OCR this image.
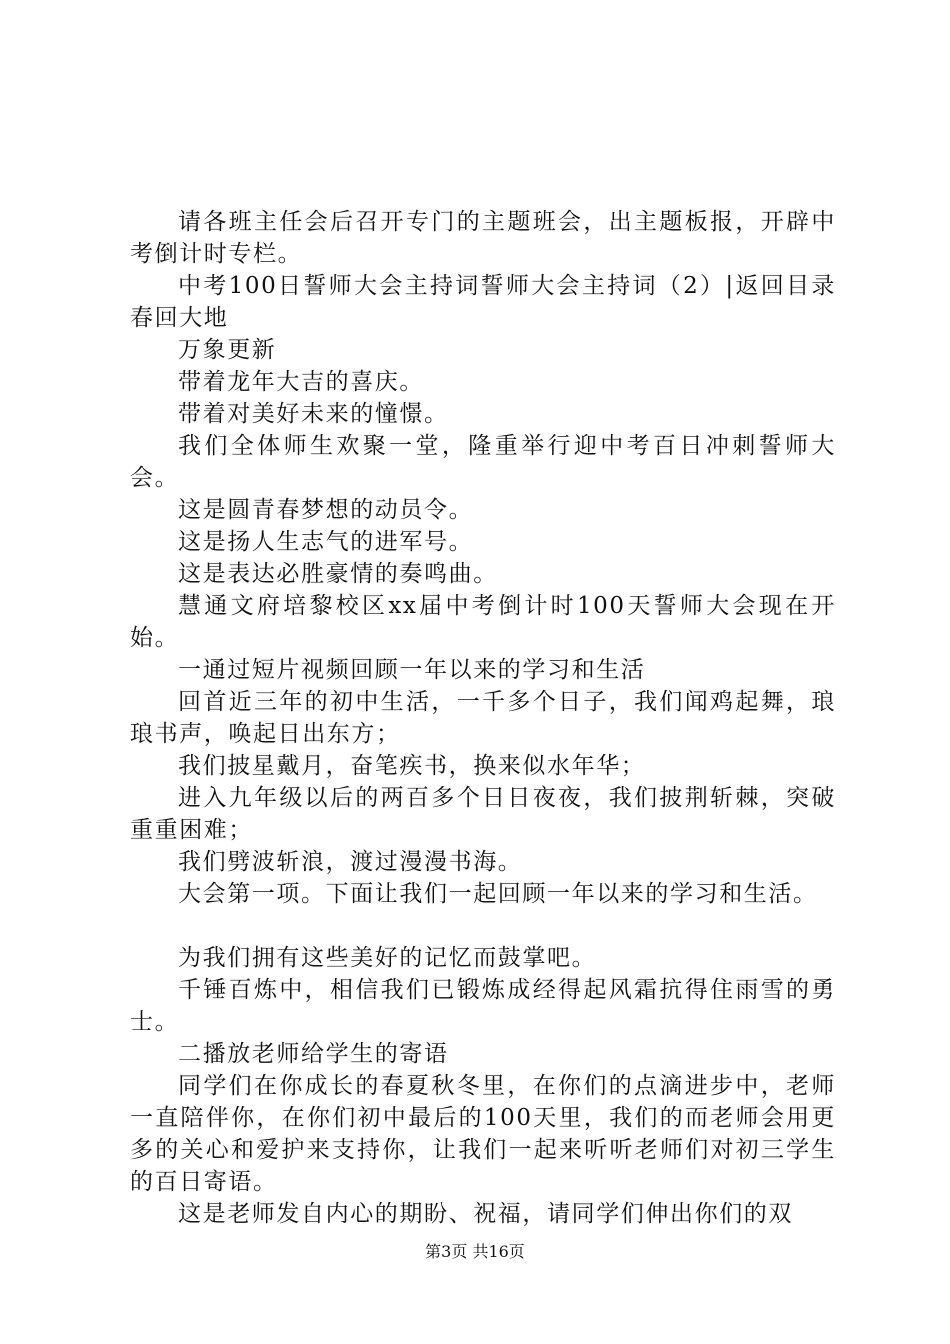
请各班主任会后召开专门的主题班会，出主题板报，开辟中考倒计时专栏。

中考100日誓师大会主持词誓师大会主持词（2）|返回目录春回大地

万象更新

带着龙年大吉的喜庆。

带着对美好未来的憧憬。

我们全体师生欢聚一堂，隆重举行迎中考百日冲刺誓师大会。

这是圆青春梦想的动员令。

这是扬人生志气的进军号。

这是表达必胜豪情的奏鸣曲。

慧通文府培黎校区xx届中考倒计时100天誓师大会现在开始。

一通过短片视频回顾一年以来的学习和生活

回首近三年的初中生活，一千多个日子，我们闻鸡起舞，琅琅书声，唤起日出东方；

我们披星戴月，奋笔疾书，换来似水年华；

进入九年级以后的两百多个日日夜夜，我们披荆斩棘，突破重重困难；

我们劈波斩浪，渡过漫漫书海。

大会第一项。下面让我们一起回顾一年以来的学习和生活。

为我们拥有这些美好的记忆而鼓掌吧。

千锤百炼中，相信我们已锻炼成经得起风霜抗得住雨雪的勇士。

二播放老师给学生的寄语

同学们在你成长的春夏秋冬里，在你们的点滴进步中，老师一直陪伴你，在你们初中最后的100天里，我们的而老师会用更多的关心和爱护来支持你，让我们一起来听听老师们对初三学生的百日寄语。

这是老师发自内心的期盼、祝福，请同学们伸出你们的双

第3页 共16页
